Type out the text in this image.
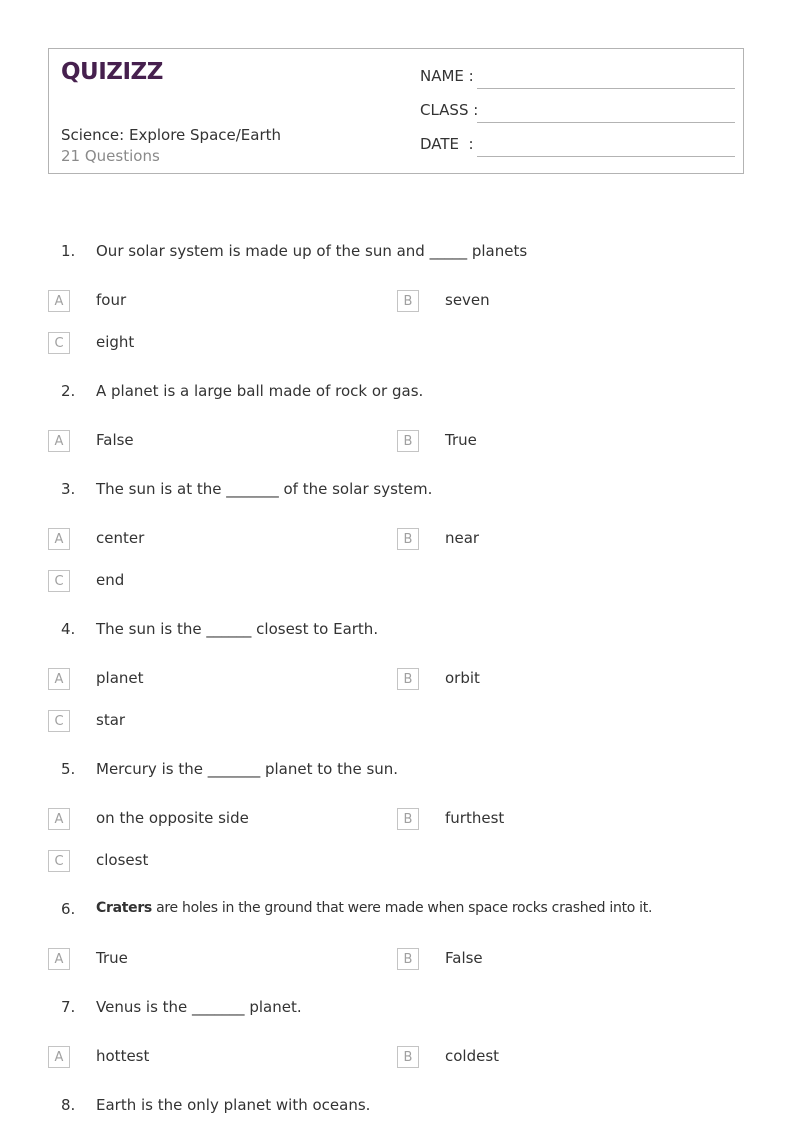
QUIZIZZ
Science: Explore Space/Earth
21 Questions
NAME :
CLASS :
DATE  :
1. Our solar system is made up of the sun and _____ planets
A	four	B	seven
C	eight
2. A planet is a large ball made of rock or gas.
A	False	B	True
3. The sun is at the _______ of the solar system.
A	center	B	near
C	end
4. The sun is the ______ closest to Earth.
A	planet	B	orbit
C	star
5. Mercury is the _______ planet to the sun.
A	on the opposite side	B	furthest
C	closest
6. Craters are holes in the ground that were made when space rocks crashed into it.
A	True	B	False
7. Venus is the _______ planet.
A	hottest	B	coldest
8. Earth is the only planet with oceans.
